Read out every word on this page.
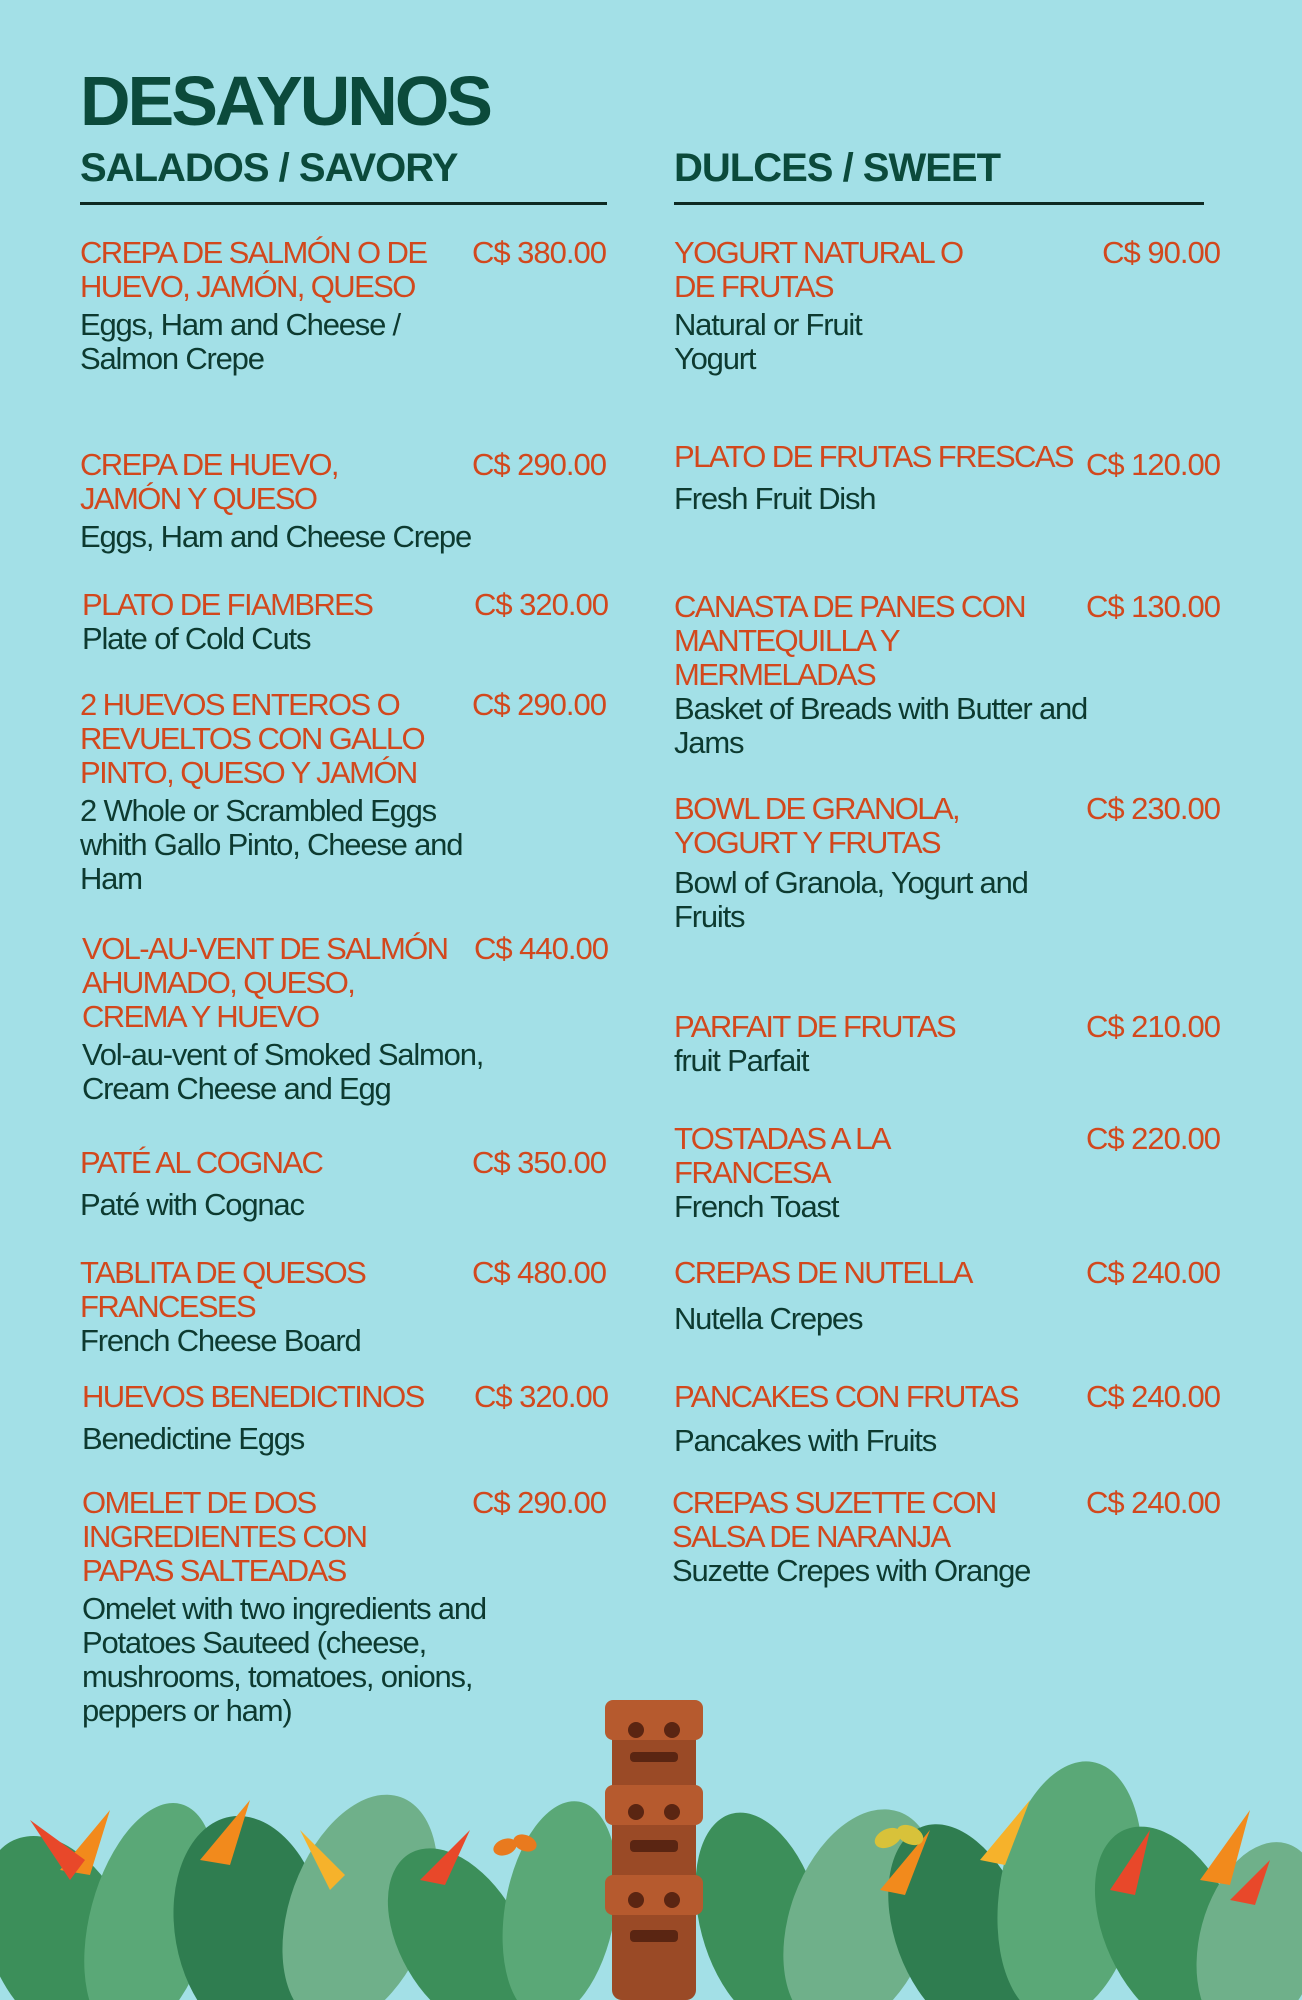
DESAYUNOS
SALADOS / SAVORY	DULCES / SWEET
CREPA DE SALMÓN O DE HUEVO, JAMÓN, QUESO
C$ 380.00
Eggs, Ham and Cheese / Salmon Crepe
CREPA DE HUEVO, JAMÓN Y QUESO
C$ 290.00
Eggs, Ham and Cheese Crepe
PLATO DE FIAMBRES	C$ 320.00
Plate of Cold Cuts
2 HUEVOS ENTEROS O REVUELTOS CON GALLO PINTO, QUESO Y JAMÓN
C$ 290.00
2 Whole or Scrambled Eggs whith Gallo Pinto, Cheese and Ham
VOL-AU-VENT DE SALMÓN AHUMADO, QUESO, CREMA Y HUEVO
C$ 440.00
Vol-au-vent of Smoked Salmon, Cream Cheese and Egg
PATÉ AL COGNAC	C$ 350.00
Paté with Cognac
TABLITA DE QUESOS FRANCESES
C$ 480.00
French Cheese Board
HUEVOS BENEDICTINOS	C$ 320.00
Benedictine Eggs
OMELET DE DOS INGREDIENTES CON PAPAS SALTEADAS
C$ 290.00
Omelet with two ingredients and Potatoes Sauteed (cheese, mushrooms, tomatoes, onions, peppers or ham)
YOGURT NATURAL O DE FRUTAS
C$ 90.00
Natural or Fruit Yogurt
PLATO DE FRUTAS FRESCAS C$ 120.00
Fresh Fruit Dish
CANASTA DE PANES CON MANTEQUILLA Y MERMELADAS
C$ 130.00
Basket of Breads with Butter and Jams
BOWL DE GRANOLA, YOGURT Y FRUTAS
C$ 230.00
Bowl of Granola, Yogurt and Fruits
PARFAIT DE FRUTAS	C$ 210.00
fruit Parfait
TOSTADAS A LA FRANCESA
C$ 220.00
French Toast
CREPAS DE NUTELLA	C$ 240.00
Nutella Crepes
PANCAKES CON FRUTAS	C$ 240.00
Pancakes with Fruits
CREPAS SUZETTE CON SALSA DE NARANJA
C$ 240.00
Suzette Crepes with Orange
